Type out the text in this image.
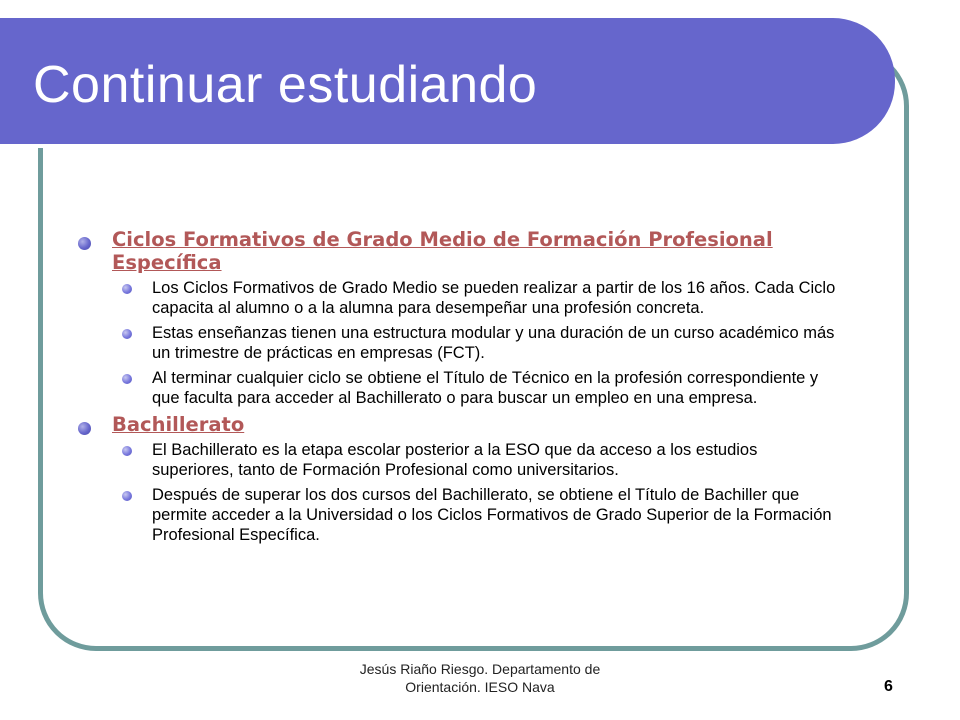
Continuar estudiando
Ciclos Formativos de Grado Medio de Formación Profesional Específica
Los Ciclos Formativos de Grado Medio se pueden realizar a partir de los 16 años. Cada Ciclo capacita al alumno o a la alumna para desempeñar una profesión concreta.
Estas enseñanzas tienen una estructura modular y una duración de un curso académico más un trimestre de prácticas en empresas (FCT).
Al terminar cualquier ciclo se obtiene el Título de Técnico en la profesión correspondiente y que faculta para acceder al Bachillerato o para buscar un empleo en una empresa.
Bachillerato
El Bachillerato es la etapa escolar posterior a la ESO que da acceso a los estudios superiores, tanto de Formación Profesional como universitarios.
Después de superar los dos cursos del Bachillerato, se obtiene el Título de Bachiller que permite acceder a la Universidad o los Ciclos Formativos de Grado Superior de la Formación Profesional Específica.
Jesús Riaño Riesgo. Departamento de
Orientación. IESO Nava	6
